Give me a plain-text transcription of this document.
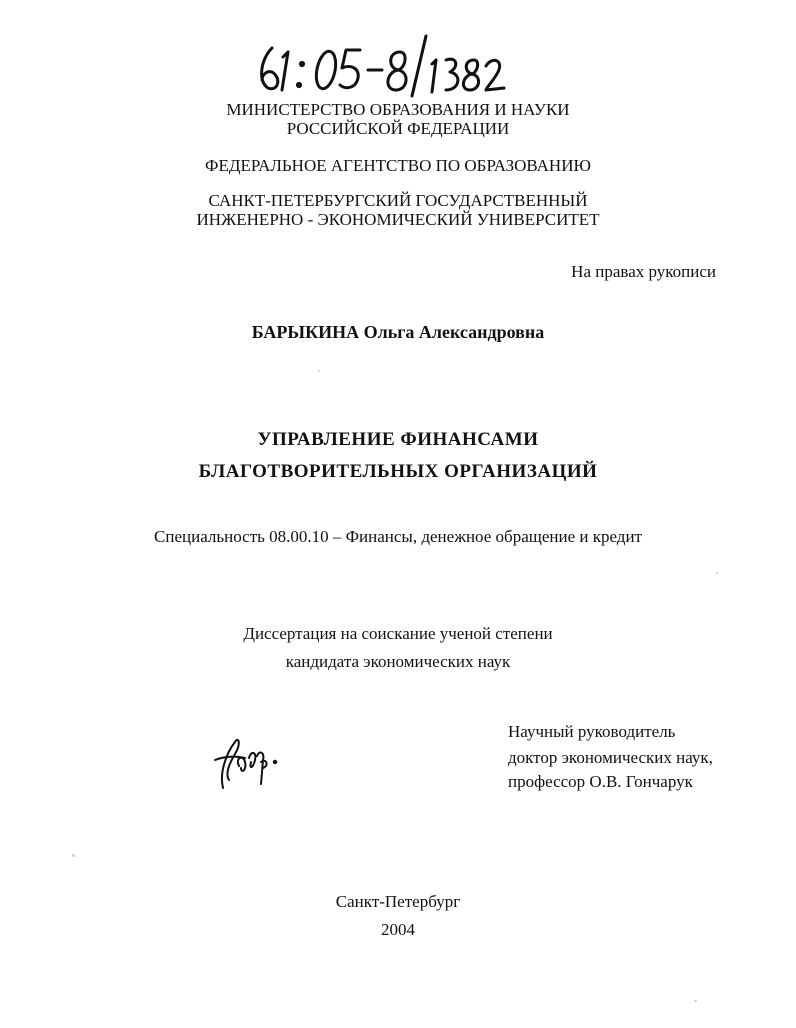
МИНИСТЕРСТВО ОБРАЗОВАНИЯ И НАУКИ
РОССИЙСКОЙ ФЕДЕРАЦИИ
ФЕДЕРАЛЬНОЕ АГЕНТСТВО ПО ОБРАЗОВАНИЮ
САНКТ-ПЕТЕРБУРГСКИЙ ГОСУДАРСТВЕННЫЙ
ИНЖЕНЕРНО - ЭКОНОМИЧЕСКИЙ УНИВЕРСИТЕТ
На правах рукописи
БАРЫКИНА Ольга Александровна
УПРАВЛЕНИЕ ФИНАНСАМИ
БЛАГОТВОРИТЕЛЬНЫХ ОРГАНИЗАЦИЙ
Специальность 08.00.10 – Финансы, денежное обращение и кредит
Диссертация на соискание ученой степени
кандидата экономических наук
Научный руководитель
доктор экономических наук,
профессор О.В. Гончарук
Санкт-Петербург
2004
